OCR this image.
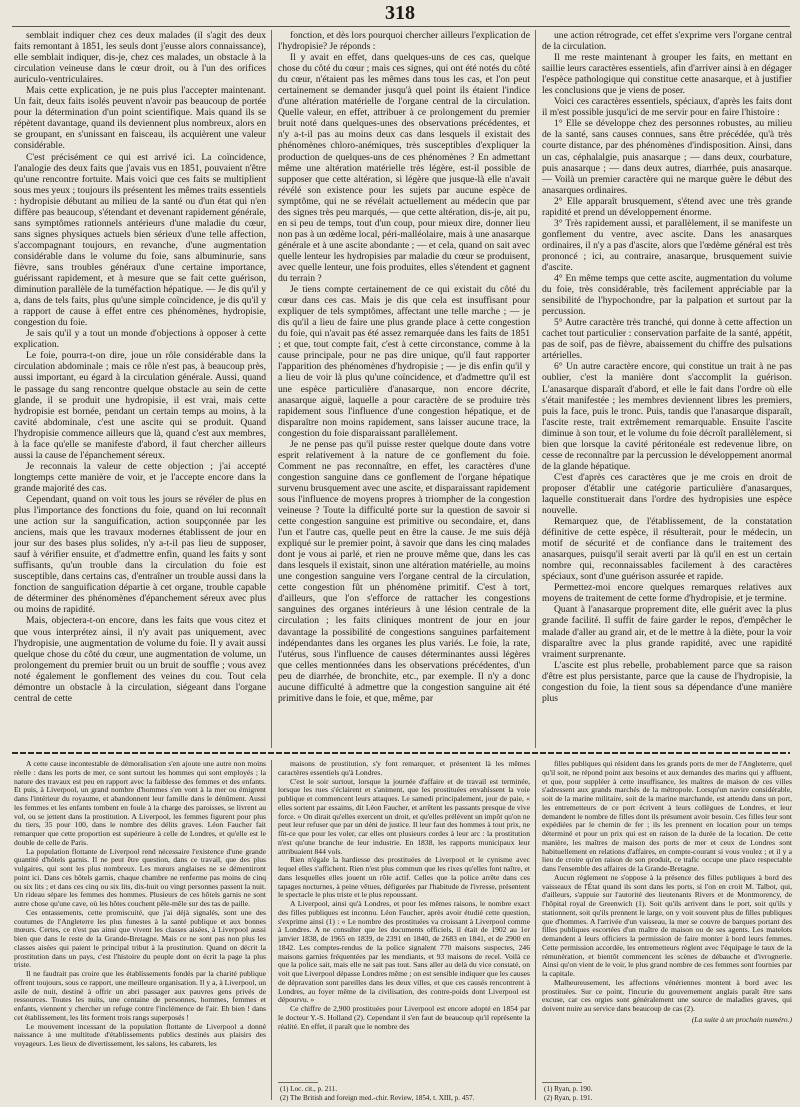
318

semblait indiquer chez ces deux malades (il s'agit des deux faits remontant à 1851, les seuls dont j'eusse alors connaissance), elle semblait indiquer, dis-je, chez ces malades, un obstacle à la circulation veineuse dans le cœur droit, ou à l'un des orifices auriculo-ventriculaires.

Mais cette explication, je ne puis plus l'accepter maintenant. Un fait, deux faits isolés peuvent n'avoir pas beaucoup de portée pour la détermination d'un point scientifique. Mais quand ils se répètent davantage, quand ils deviennent plus nombreux, alors en se groupant, en s'unissant en faisceau, ils acquièrent une valeur considérable.

C'est précisément ce qui est arrivé ici. La coïncidence, l'analogie des deux faits que j'avais vus en 1851, pouvaient n'être qu'une rencontre fortuite. Mais voici que ces faits se multiplient sous mes yeux ; toujours ils présentent les mêmes traits essentiels : hydropisie débutant au milieu de la santé ou d'un état qui n'en diffère pas beaucoup, s'étendant et devenant rapidement générale, sans symptômes rationnels antérieurs d'une maladie du cœur, sans signes physiques actuels bien sérieux d'une telle affection, s'accompagnant toujours, en revanche, d'une augmentation considérable dans le volume du foie, sans albuminurie, sans fièvre, sans troubles généraux d'une certaine importance, guérissant rapidement, et à mesure que se fait cette guérison, diminution parallèle de la tuméfaction hépatique. — Je dis qu'il y a, dans de tels faits, plus qu'une simple coïncidence, je dis qu'il y a rapport de cause à effet entre ces phénomènes, hydropisie, congestion du foie.

Je sais qu'il y a tout un monde d'objections à opposer à cette explication.

Le foie, pourra-t-on dire, joue un rôle considérable dans la circulation abdominale ; mais ce rôle n'est pas, à beaucoup près, aussi important, eu égard à la circulation générale. Aussi, quand le passage du sang rencontre quelque obstacle au sein de cette glande, il se produit une hydropisie, il est vrai, mais cette hydropisie est bornée, pendant un certain temps au moins, à la cavité abdominale, c'est une ascite qui se produit. Quand l'hydropisie commence ailleurs que là, quand c'est aux membres, à la face qu'elle se manifeste d'abord, il faut chercher ailleurs aussi la cause de l'épanchement séreux.

Je reconnais la valeur de cette objection ; j'ai accepté longtemps cette manière de voir, et je l'accepte encore dans la grande majorité des cas.

Cependant, quand on voit tous les jours se révéler de plus en plus l'importance des fonctions du foie, quand on lui reconnaît une action sur la sanguification, action soupçonnée par les anciens, mais que les travaux modernes établissent de jour en jour sur des bases plus solides, n'y a-t-il pas lieu de supposer, sauf à vérifier ensuite, et d'admettre enfin, quand les faits y sont suffisants, qu'un trouble dans la circulation du foie est susceptible, dans certains cas, d'entraîner un trouble aussi dans la fonction de sanguification départie à cet organe, trouble capable de déterminer des phénomènes d'épanchement séreux avec plus ou moins de rapidité.

Mais, objectera-t-on encore, dans les faits que vous citez et que vous interprétez ainsi, il n'y avait pas uniquement, avec l'hydropisie, une augmentation de volume du foie. Il y avait aussi quelque chose du côté du cœur, une augmentation de volume, un prolongement du premier bruit ou un bruit de souffle ; vous avez noté également le gonflement des veines du cou. Tout cela démontre un obstacle à la circulation, siégeant dans l'organe central de cette

fonction, et dès lors pourquoi chercher ailleurs l'explication de l'hydropisie? Je réponds :

Il y avait en effet, dans quelques-uns de ces cas, quelque chose du côté du cœur ; mais ces signes, qui ont été notés du côté du cœur, n'étaient pas les mêmes dans tous les cas, et l'on peut certainement se demander jusqu'à quel point ils étaient l'indice d'une altération matérielle de l'organe central de la circulation. Quelle valeur, en effet, attribuer à ce prolongement du premier bruit noté dans quelques-unes des observations précédentes, et n'y a-t-il pas au moins deux cas dans lesquels il existait des phénomènes chloro-anémiques, très susceptibles d'expliquer la production de quelques-uns de ces phénomènes ? En admettant même une altération matérielle très légère, est-il possible de supposer que cette altération, si légère que jusque-là elle n'avait révélé son existence pour les sujets par aucune espèce de symptôme, qui ne se révélait actuellement au médecin que par des signes très peu marqués, — que cette altération, dis-je, ait pu, en si peu de temps, tout d'un coup, pour mieux dire, donner lieu non pas à un œdème local, péri-malléolaire, mais à une anasarque générale et à une ascite abondante ; — et cela, quand on sait avec quelle lenteur les hydropisies par maladie du cœur se produisent, avec quelle lenteur, une fois produites, elles s'étendent et gagnent du terrain ?

Je tiens compte certainement de ce qui existait du côté du cœur dans ces cas. Mais je dis que cela est insuffisant pour expliquer de tels symptômes, affectant une telle marche ; — je dis qu'il a lieu de faire une plus grande place à cette congestion du foie, qui n'avait pas été assez remarquée dans les faits de 1851 ; et que, tout compte fait, c'est à cette circonstance, comme à la cause principale, pour ne pas dire unique, qu'il faut rapporter l'apparition des phénomènes d'hydropisie ; — je dis enfin qu'il y a lieu de voir là plus qu'une coïncidence, et d'admettre qu'il est une espèce particulière d'anasarque, non encore décrite, anasarque aiguë, laquelle a pour caractère de se produire très rapidement sous l'influence d'une congestion hépatique, et de disparaître non moins rapidement, sans laisser aucune trace, la congestion du foie disparaissant parallèlement.

Je ne pense pas qu'il puisse rester quelque doute dans votre esprit relativement à la nature de ce gonflement du foie. Comment ne pas reconnaître, en effet, les caractères d'une congestion sanguine dans ce gonflement de l'organe hépatique survenu brusquement avec une ascite, et disparaissant rapidement sous l'influence de moyens propres à triompher de la congestion veineuse ? Toute la difficulté porte sur la question de savoir si cette congestion sanguine est primitive ou secondaire, et, dans l'un et l'autre cas, quelle peut en être la cause. Je me suis déjà expliqué sur le premier point, à savoir que dans les cinq malades dont je vous ai parlé, et rien ne prouve même que, dans les cas dans lesquels il existait, sinon une altération matérielle, au moins une congestion sanguine vers l'organe central de la circulation, cette congestion fût un phénomène primitif. C'est à tort, d'ailleurs, que l'on s'efforce de rattacher les congestions sanguines des organes intérieurs à une lésion centrale de la circulation ; les faits cliniques montrent de jour en jour davantage la possibilité de congestions sanguines parfaitement indépendantes dans les organes les plus variés. Le foie, la rate, l'utérus, sous l'influence de causes déterminantes aussi légères que celles mentionnées dans les observations précédentes, d'un peu de diarrhée, de bronchite, etc., par exemple. Il n'y a donc aucune difficulté à admettre que la congestion sanguine ait été primitive dans le foie, et que, même, par

une action rétrograde, cet effet s'exprime vers l'organe central de la circulation.

Il me reste maintenant à grouper les faits, en mettant en saillie leurs caractères essentiels, afin d'arriver ainsi à en dégager l'espèce pathologique qui constitue cette anasarque, et à justifier les conclusions que je viens de poser.

Voici ces caractères essentiels, spéciaux, d'après les faits dont il m'est possible jusqu'ici de me servir pour en faire l'histoire :

1° Elle se développe chez des personnes robustes, au milieu de la santé, sans causes connues, sans être précédée, qu'à très courte distance, par des phénomènes d'indisposition. Ainsi, dans un cas, céphalalgie, puis anasarque ; — dans deux, courbature, puis anasarque ; — dans deux autres, diarrhée, puis anasarque. — Voilà un premier caractère qui ne marque guère le début des anasarques ordinaires.

2° Elle apparaît brusquement, s'étend avec une très grande rapidité et prend un développement énorme.

3° Très rapidement aussi, et parallèlement, il se manifeste un gonflement du ventre, avec ascite. Dans les anasarques ordinaires, il n'y a pas d'ascite, alors que l'œdème général est très prononcé ; ici, au contraire, anasarque, brusquement suivie d'ascite.

4° En même temps que cette ascite, augmentation du volume du foie, très considérable, très facilement appréciable par la sensibilité de l'hypochondre, par la palpation et surtout par la percussion.

5° Autre caractère très tranché, qui donne à cette affection un cachet tout particulier : conservation parfaite de la santé, appétit, pas de soif, pas de fièvre, abaissement du chiffre des pulsations artérielles.

6° Un autre caractère encore, qui constitue un trait à ne pas oublier, c'est la manière dont s'accomplit la guérison. L'anasarque disparaît d'abord, et elle le fait dans l'ordre où elle s'était manifestée ; les membres deviennent libres les premiers, puis la face, puis le tronc. Puis, tandis que l'anasarque disparaît, l'ascite reste, trait extrêmement remarquable. Ensuite l'ascite diminue à son tour, et le volume du foie décroît parallèlement, si bien que lorsque la cavité péritonéale est redevenue libre, on cesse de reconnaître par la percussion le développement anormal de la glande hépatique.

C'est d'après ces caractères que je me crois en droit de proposer d'établir une catégorie particulière d'anasarques, laquelle constituerait dans l'ordre des hydropisies une espèce nouvelle.

Remarquez que, de l'établissement, de la constatation définitive de cette espèce, il résulterait, pour le médecin, un motif de sécurité et de confiance dans le traitement des anasarques, puisqu'il serait averti par là qu'il en est un certain nombre qui, reconnaissables facilement à des caractères spéciaux, sont d'une guérison assurée et rapide.

Permettez-moi encore quelques remarques relatives aux moyens de traitement de cette forme d'hydropisie, et je termine.

Quant à l'anasarque proprement dite, elle guérit avec la plus grande facilité. Il suffit de faire garder le repos, d'empêcher le malade d'aller au grand air, et de le mettre à la diète, pour la voir disparaître avec la plus grande rapidité, avec une rapidité vraiment surprenante.

L'ascite est plus rebelle, probablement parce que sa raison d'être est plus persistante, parce que la cause de l'hydropisie, la congestion du foie, la tient sous sa dépendance d'une manière plus

A cette cause incontestable de démoralisation s'en ajoute une autre non moins réelle : dans les ports de mer, ce sont surtout les hommes qui sont employés ; la nature des travaux est peu en rapport avec la faiblesse des femmes et des enfants. Et puis, à Liverpool, un grand nombre d'hommes s'en vont à la mer ou émigrent dans l'intérieur du royaume, et abandonnent leur famille dans le dénûment. Aussi les femmes et les enfants tombent en foule à la charge des paroisses, se livrent au vol, ou se jettent dans la prostitution. A Liverpool, les femmes figurent pour plus du tiers, 35 pour 100, dans le nombre des délits graves. Léon Faucher fait remarquer que cette proportion est supérieure à celle de Londres, et qu'elle est le double de celle de Paris.

La population flottante de Liverpool rend nécessaire l'existence d'une grande quantité d'hôtels garnis. Il ne peut être question, dans ce travail, que des plus vulgaires, qui sont les plus nombreux. Les mœurs anglaises ne se démentiront point ici. Dans ces hôtels garnis, chaque chambre ne renferme pas moins de cinq ou six lits ; et dans ces cinq ou six lits, dix-huit ou vingt personnes passent la nuit. Un rideau sépare les femmes des hommes. Plusieurs de ces hôtels garnis ne sont autre chose qu'une cave, où les hôtes couchent pêle-mêle sur des tas de paille.

Ces entassements, cette promiscuité, que j'ai déjà signalés, sont une des coutumes de l'Angleterre les plus funestes à la santé publique et aux bonnes mœurs. Certes, ce n'est pas ainsi que vivent les classes aisées, à Liverpool aussi bien que dans le reste de la Grande-Bretagne. Mais ce ne sont pas non plus les classes aisées qui paient le principal tribut à la prostitution. Quand on décrit la prostitution dans un pays, c'est l'histoire du peuple dont on écrit la page la plus triste.

Il ne faudrait pas croire que les établissements fondés par la charité publique offrent toujours, sous ce rapport, une meilleure organisation. Il y a, à Liverpool, un asile de nuit, destiné à offrir un abri passager aux pauvres gens privés de ressources. Toutes les nuits, une centaine de personnes, hommes, femmes et enfants, viennent y chercher un refuge contre l'inclémence de l'air. Eh bien ! dans cet établissement, les lits forment trois rangs superposés !

Le mouvement incessant de la population flottante de Liverpool a donné naissance à une multitude d'établissements publics destinés aux plaisirs des voyageurs. Les lieux de divertissement, les salons, les cabarets, les

maisons de prostitution, s'y font remarquer, et présentent là les mêmes caractères essentiels qu'à Londres.

C'est le soir surtout, lorsque la journée d'affaire et de travail est terminée, lorsque les rues s'éclairent et s'animent, que les prostituées envahissent la voie publique et commencent leurs attaques. Le samedi principalement, jour de paie, « elles sortent par essaims, dit Léon Faucher, et arrêtent les passants presque de vive force. » On dirait qu'elles exercent un droit, et qu'elles prélèvent un impôt qu'on ne peut leur refuser que par un déni de justice. Il leur faut des hommes à tout prix, ne fût-ce que pour les voler, car elles ont plusieurs cordes à leur arc : la prostitution n'est qu'une branche de leur industrie. En 1838, les rapports municipaux leur attribuaient 844 vols.

Rien n'égale la hardiesse des prostituées de Liverpool et le cynisme avec lequel elles s'affichent. Rien n'est plus commun que les rixes qu'elles font naître, et dans lesquelles elles jouent un rôle actif. Celles que la police arrête dans ces tapages nocturnes, à peine vêtues, défigurées par l'habitude de l'ivresse, présentent le spectacle le plus triste et le plus repoussant.

A Liverpool, ainsi qu'à Londres, et pour les mêmes raisons, le nombre exact des filles publiques est inconnu. Léon Faucher, après avoir étudié cette question, s'exprime ainsi (1) : « Le nombre des prostituées va croissant à Liverpool comme à Londres. A ne consulter que les documents officiels, il était de 1902 au 1er janvier 1838, de 1965 en 1839, de 2391 en 1840, de 2683 en 1841, et de 2900 en 1842. Les comptes-rendus de la police signalent 770 maisons suspectes, 246 maisons garnies fréquentées par les mendiants, et 93 maisons de recel. Voilà ce que la police sait, mais elle ne sait pas tout. Sans aller au delà du vice constaté, on voit que Liverpool dépasse Londres même ; on est sensible indiquer que les causes de dépravation sont pareilles dans les deux villes, et que ces causés rencontrent à Londres, au foyer même de la civilisation, des contre-poids dont Liverpool est dépourvu. »

Ce chiffre de 2,900 prostituées pour Liverpool est encore adopté en 1854 par le docteur Y.-S. Holland (2). Cependant il s'en faut de beaucoup qu'il représente la réalité. En effet, il paraît que le nombre des

(1) Loc. cit., p. 211.
(2) The British and foreign med.-chir. Review, 1854, t. XIII, p. 457.

filles publiques qui résident dans les grands ports de mer de l'Angleterre, quel qu'il soit, ne répond point aux besoins et aux demandes des marins qui y affluent, et que, pour suppléer à cette insuffisance, les maîtres de maison de ces villes s'adressent aux grands marchés de la métropole. Lorsqu'un navire considérable, soit de la marine militaire, soit de la marine marchande, est attendu dans un port, les entremetteurs de ce port écrivent à leurs collègues de Londres, et leur demandent le nombre de filles dont ils présument avoir besoin. Ces filles leur sont expédiées par le chemin de fer ; ils les prennent en location pour un temps déterminé et pour un prix qui est en raison de la durée de la location. De cette manière, les maîtres de maison des ports de mer et ceux de Londres sont habituellement en relations d'affaires, en compte-courant si vous voulez ; et il y a lieu de croire qu'en raison de son produit, ce trafic occupe une place respectable dans l'ensemble des affaires de la Grande-Bretagne.

Aucun règlement ne s'oppose à la présence des filles publiques à bord des vaisseaux de l'État quand ils sont dans les ports, si l'on en croit M. Talbot, qui, d'ailleurs, s'appuie sur l'autorité des lieutenants Rivers et de Montmorency, de l'hôpital royal de Greenwich (1). Soit qu'ils arrivent dans le port, soit qu'ils y stationnent, soit qu'ils prennent le large, on y voit souvent plus de filles publiques que d'hommes. A l'arrivée d'un vaisseau, la mer se couvre de barques portant des filles publiques escortées d'un maître de maison ou de ses agents. Les matelots demandent à leurs officiers la permission de faire monter à bord leurs femmes. Cette permission accordée, les entremetteurs règlent avec l'équipage le taux de la rémunération, et bientôt commencent les scènes de débauche et d'ivrognerie. Ainsi qu'on vient de le voir, le plus grand nombre de ces femmes sont fournies par la capitale.

Malheureusement, les affections vénériennes montent à bord avec les prostituées. Sur ce point, l'incurie du gouvernement anglais paraît être sans excuse, car ces orgies sont généralement une source de maladies graves, qui doivent nuire au service dans beaucoup de cas (2).

(La suite à un prochain numéro.)
(1) Ryan, p. 190.
(2) Ryan, p. 191.
